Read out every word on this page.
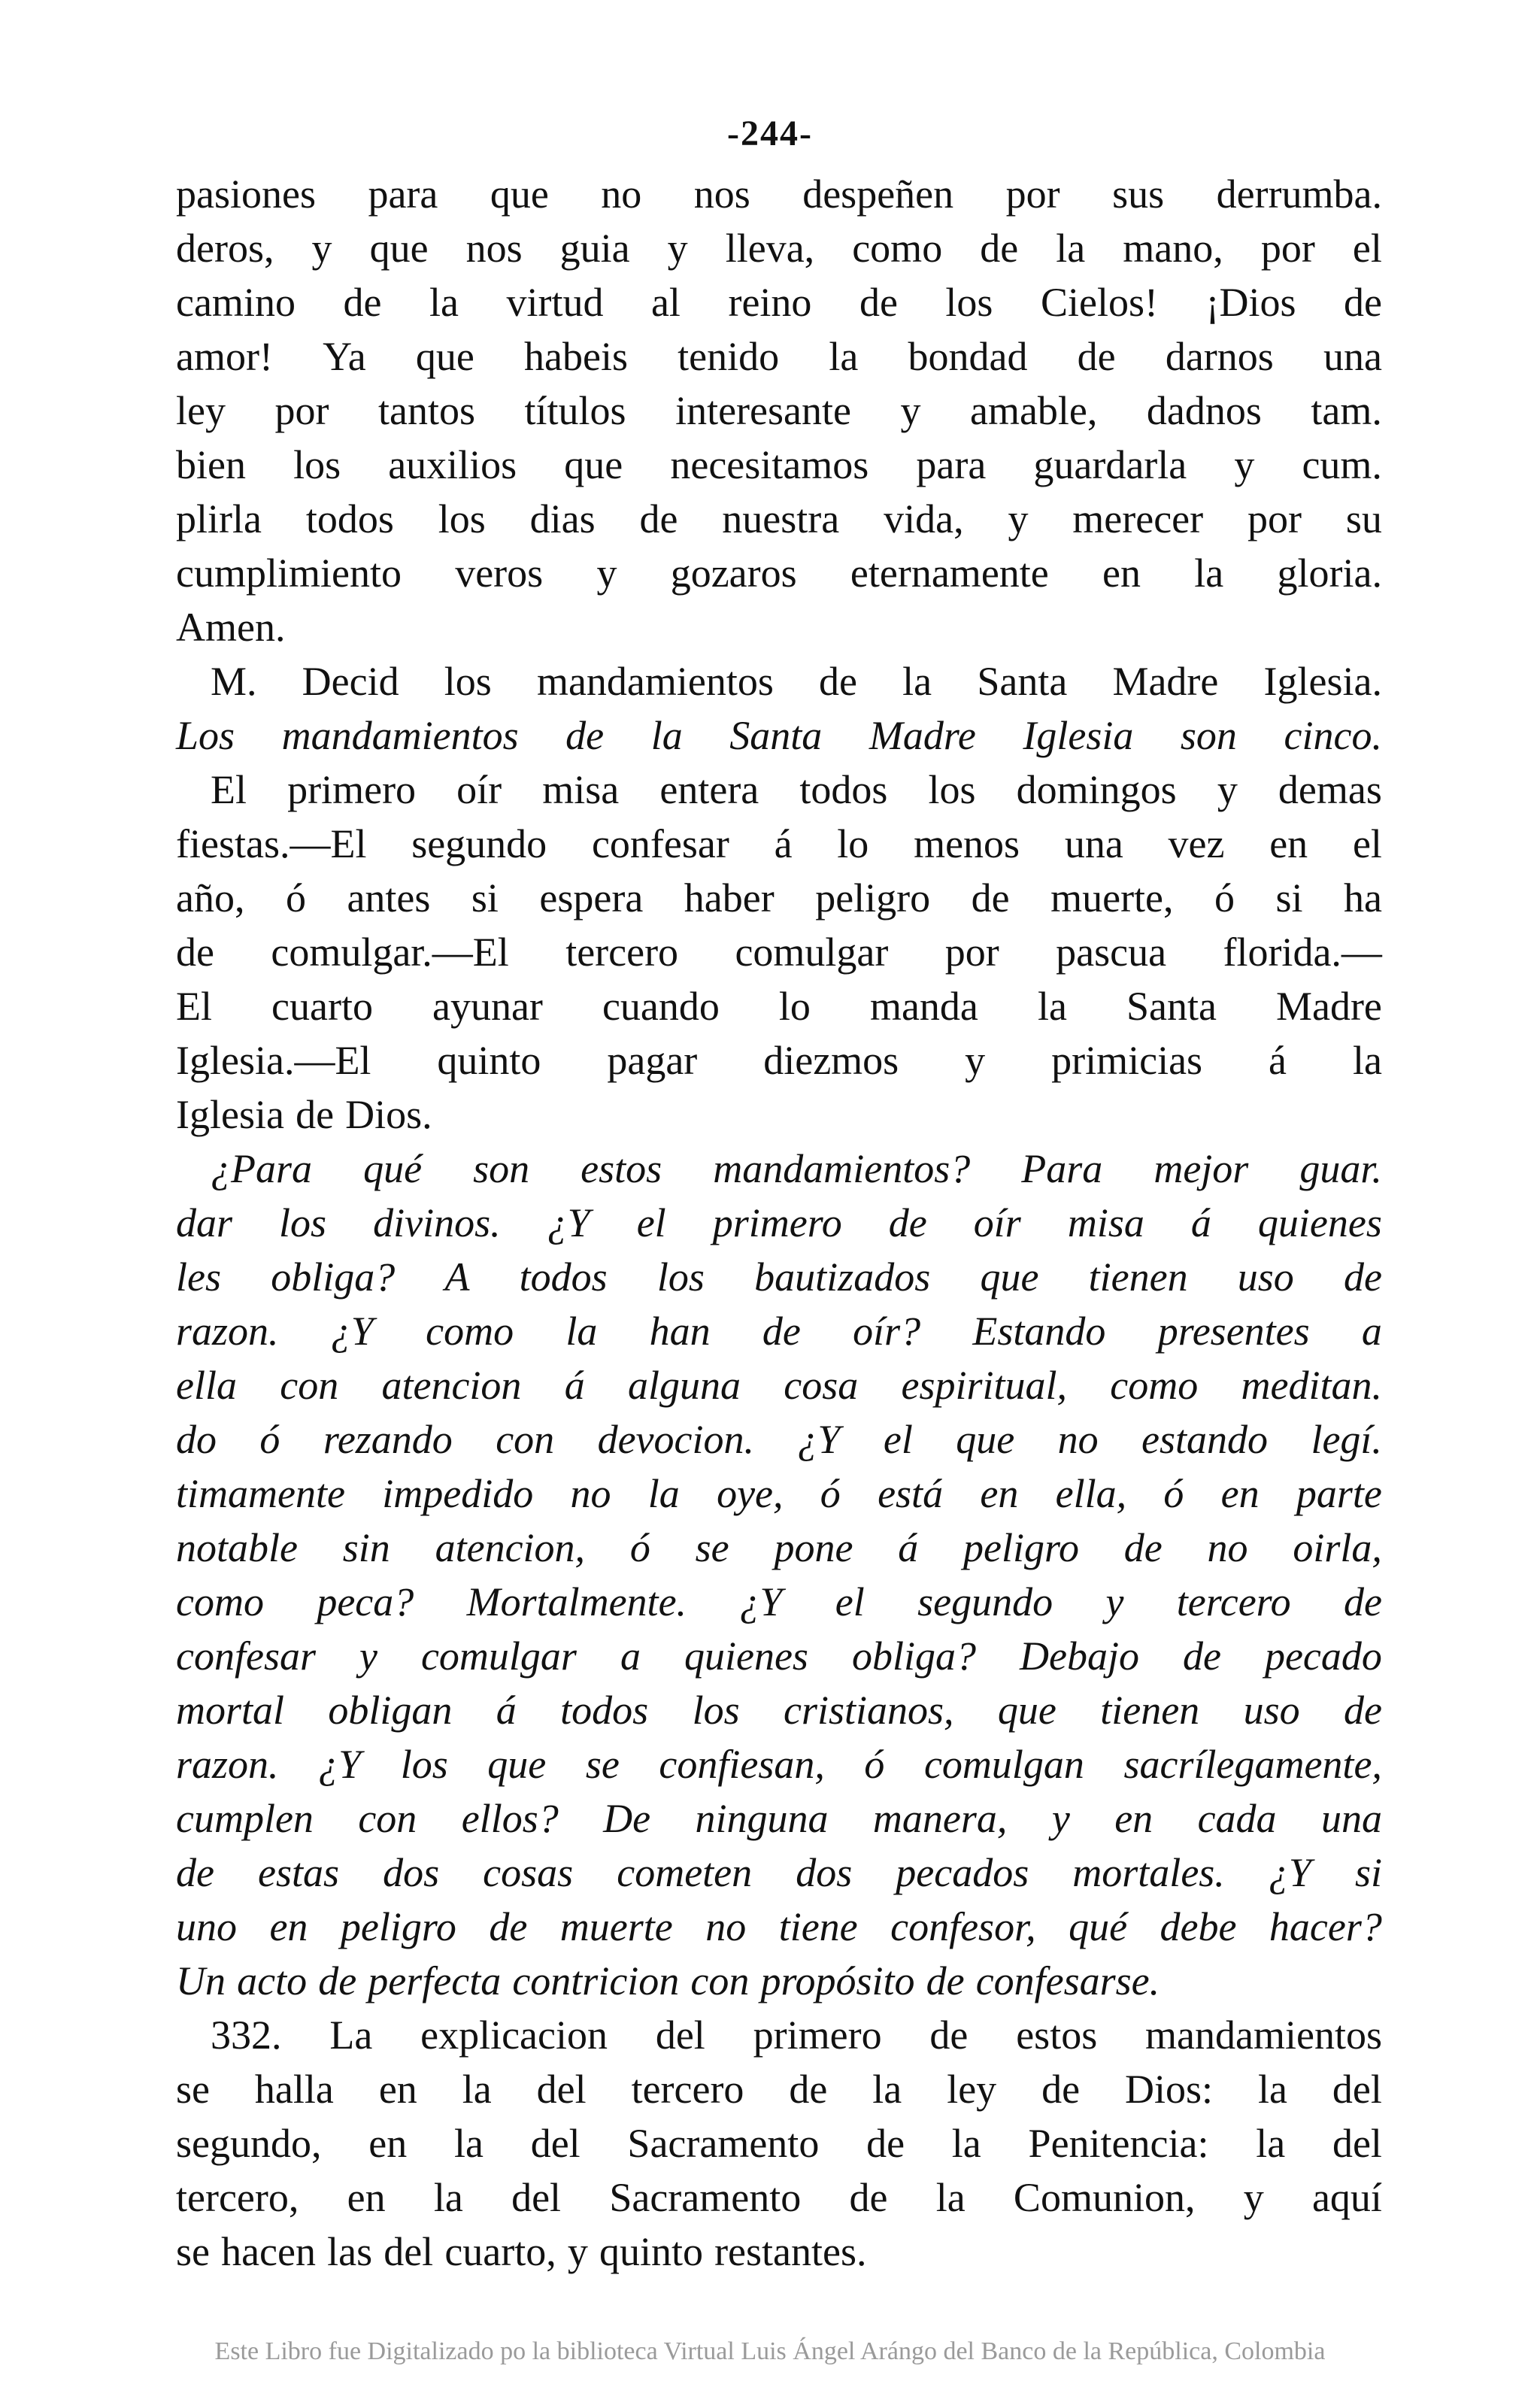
-244-
pasiones para que no nos despeñen por sus derrumba.
deros, y que nos guia y lleva, como de la mano, por el
camino de la virtud al reino de los Cielos! ¡Dios de
amor! Ya que habeis tenido la bondad de darnos una
ley por tantos títulos interesante y amable, dadnos tam.
bien los auxilios que necesitamos para guardarla y cum.
plirla todos los dias de nuestra vida, y merecer por su
cumplimiento veros y gozaros eternamente en la gloria.
Amen.
M. Decid los mandamientos de la Santa Madre Iglesia.
Los mandamientos de la Santa Madre Iglesia son cinco.
El primero oír misa entera todos los domingos y demas
fiestas.—El segundo confesar á lo menos una vez en el
año, ó antes si espera haber peligro de muerte, ó si ha
de comulgar.—El tercero comulgar por pascua florida.—
El cuarto ayunar cuando lo manda la Santa Madre
Iglesia.—El quinto pagar diezmos y primicias á la
Iglesia de Dios.
¿Para qué son estos mandamientos? Para mejor guar.
dar los divinos. ¿Y el primero de oír misa á quienes
les obliga? A todos los bautizados que tienen uso de
razon. ¿Y como la han de oír? Estando presentes a
ella con atencion á alguna cosa espiritual, como meditan.
do ó rezando con devocion. ¿Y el que no estando legí.
timamente impedido no la oye, ó está en ella, ó en parte
notable sin atencion, ó se pone á peligro de no oirla,
como peca? Mortalmente. ¿Y el segundo y tercero de
confesar y comulgar a quienes obliga? Debajo de pecado
mortal obligan á todos los cristianos, que tienen uso de
razon. ¿Y los que se confiesan, ó comulgan sacrílegamente,
cumplen con ellos? De ninguna manera, y en cada una
de estas dos cosas cometen dos pecados mortales. ¿Y si
uno en peligro de muerte no tiene confesor, qué debe hacer?
Un acto de perfecta contricion con propósito de confesarse.
332. La explicacion del primero de estos mandamientos
se halla en la del tercero de la ley de Dios: la del
segundo, en la del Sacramento de la Penitencia: la del
tercero, en la del Sacramento de la Comunion, y aquí
se hacen las del cuarto, y quinto restantes.
Este Libro fue Digitalizado po la biblioteca Virtual Luis Ángel Arángo del Banco de la República, Colombia
